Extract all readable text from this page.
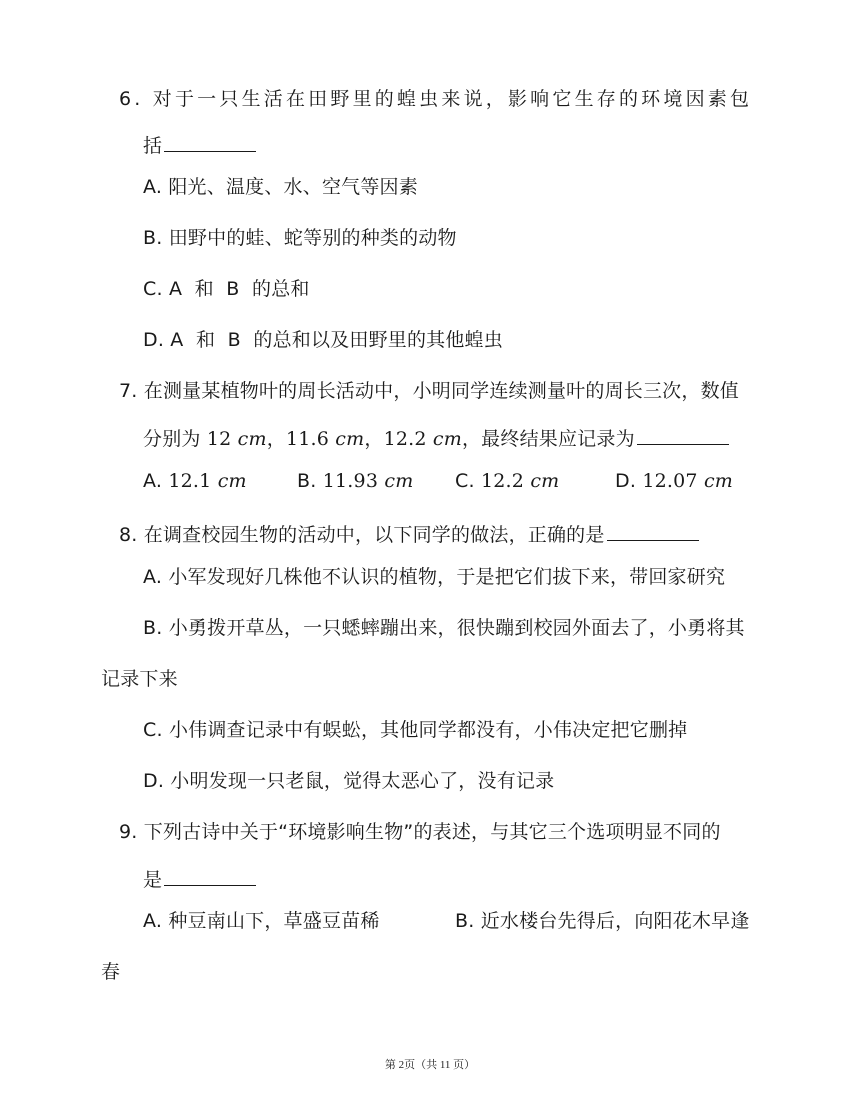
6. 对于一只生活在田野里的蝗虫来说，影响它生存的环境因素包
括
A. 阳光、温度、水、空气等因素
B. 田野中的蛙、蛇等别的种类的动物
C. A  和  B  的总和
D. A  和  B  的总和以及田野里的其他蝗虫
7. 在测量某植物叶的周长活动中，小明同学连续测量叶的周长三次，数值
分别为 12 cm，11.6 cm，12.2 cm，最终结果应记录为
A. 12.1 cm	B. 11.93 cm C. 12.2 cm	D. 12.07 cm
8. 在调查校园生物的活动中，以下同学的做法，正确的是
A. 小军发现好几株他不认识的植物，于是把它们拔下来，带回家研究
B. 小勇拨开草丛，一只蟋蟀蹦出来，很快蹦到校园外面去了，小勇将其
记录下来
C. 小伟调查记录中有蜈蚣，其他同学都没有，小伟决定把它删掉
D. 小明发现一只老鼠，觉得太恶心了，没有记录
9. 下列古诗中关于“环境影响生物”的表述，与其它三个选项明显不同的
是
A. 种豆南山下，草盛豆苗稀	B. 近水楼台先得后，向阳花木早逢
春
第 2页（共 11 页）
